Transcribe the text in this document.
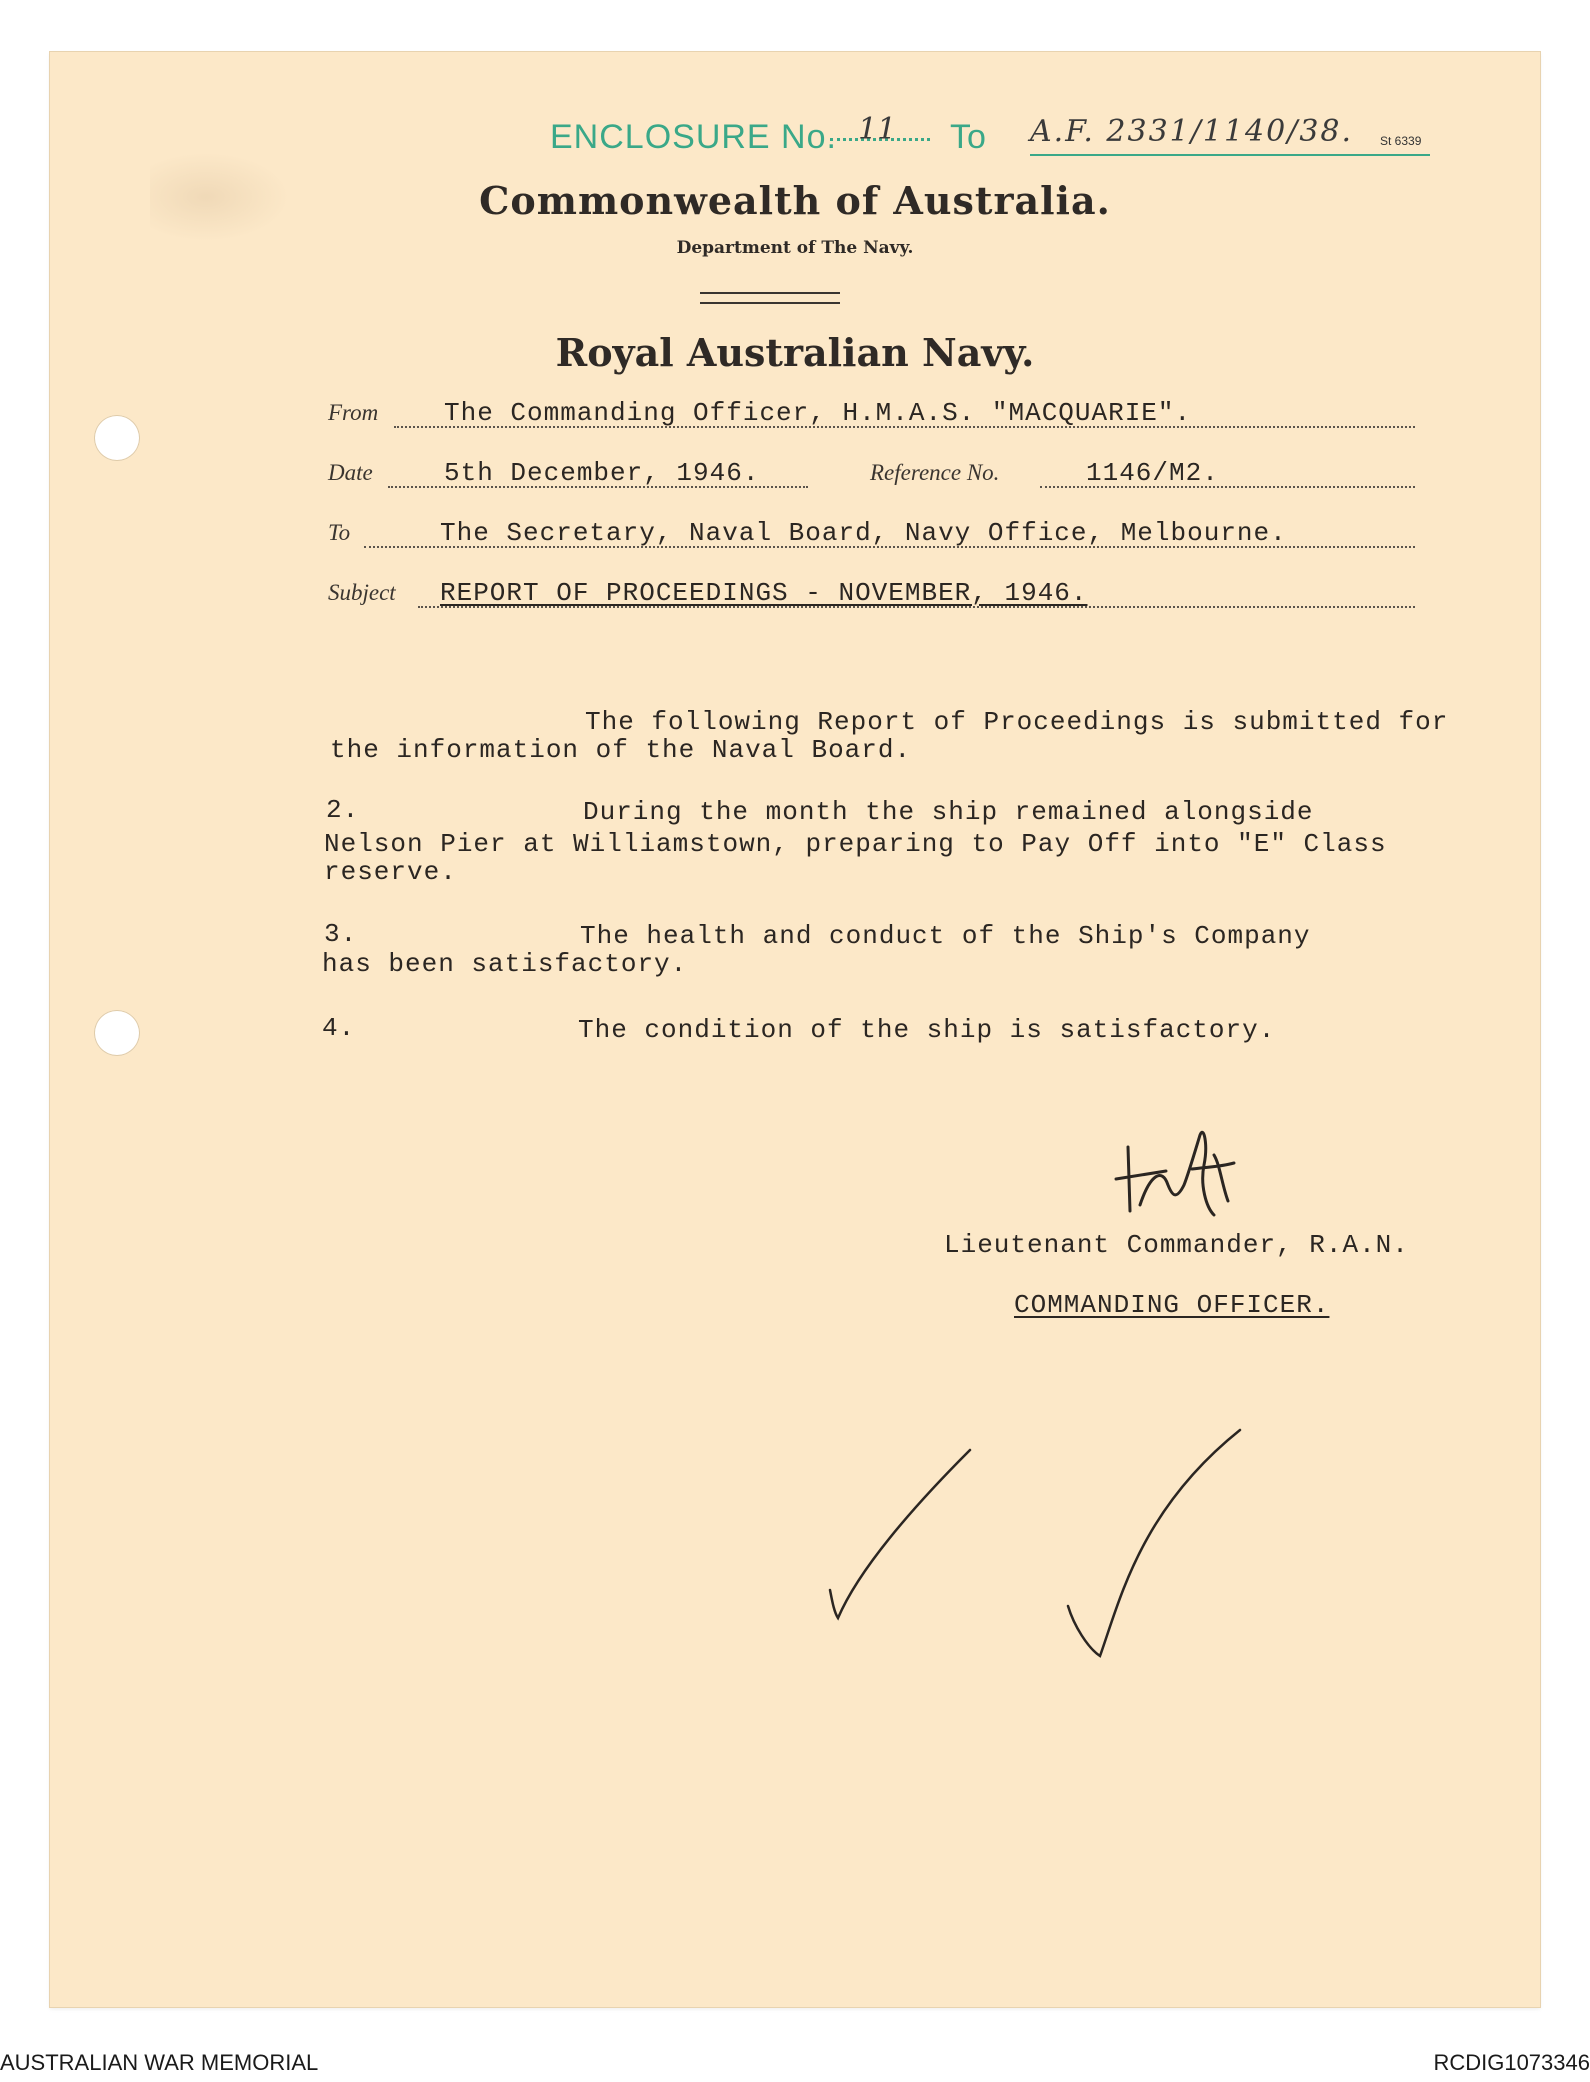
ENCLOSURE No. 11 To A.F. 2331/1140/38. St 6339
Commonwealth of Australia.
Department of The Navy.
Royal Australian Navy.
From	The Commanding Officer, H.M.A.S. "MACQUARIE".
Date	5th December, 1946.	Reference No.	1146/M2.
To	The Secretary, Naval Board, Navy Office, Melbourne.
Subject REPORT OF PROCEEDINGS - NOVEMBER, 1946.
The following Report of Proceedings is submitted for
the information of the Naval Board.
2.	During the month the ship remained alongside
Nelson Pier at Williamstown, preparing to Pay Off into "E" Class
reserve.
3.	The health and conduct of the Ship's Company
has been satisfactory.
4.	The condition of the ship is satisfactory.
Lieutenant Commander, R.A.N.
COMMANDING OFFICER.
AUSTRALIAN WAR MEMORIAL	RCDIG1073346
